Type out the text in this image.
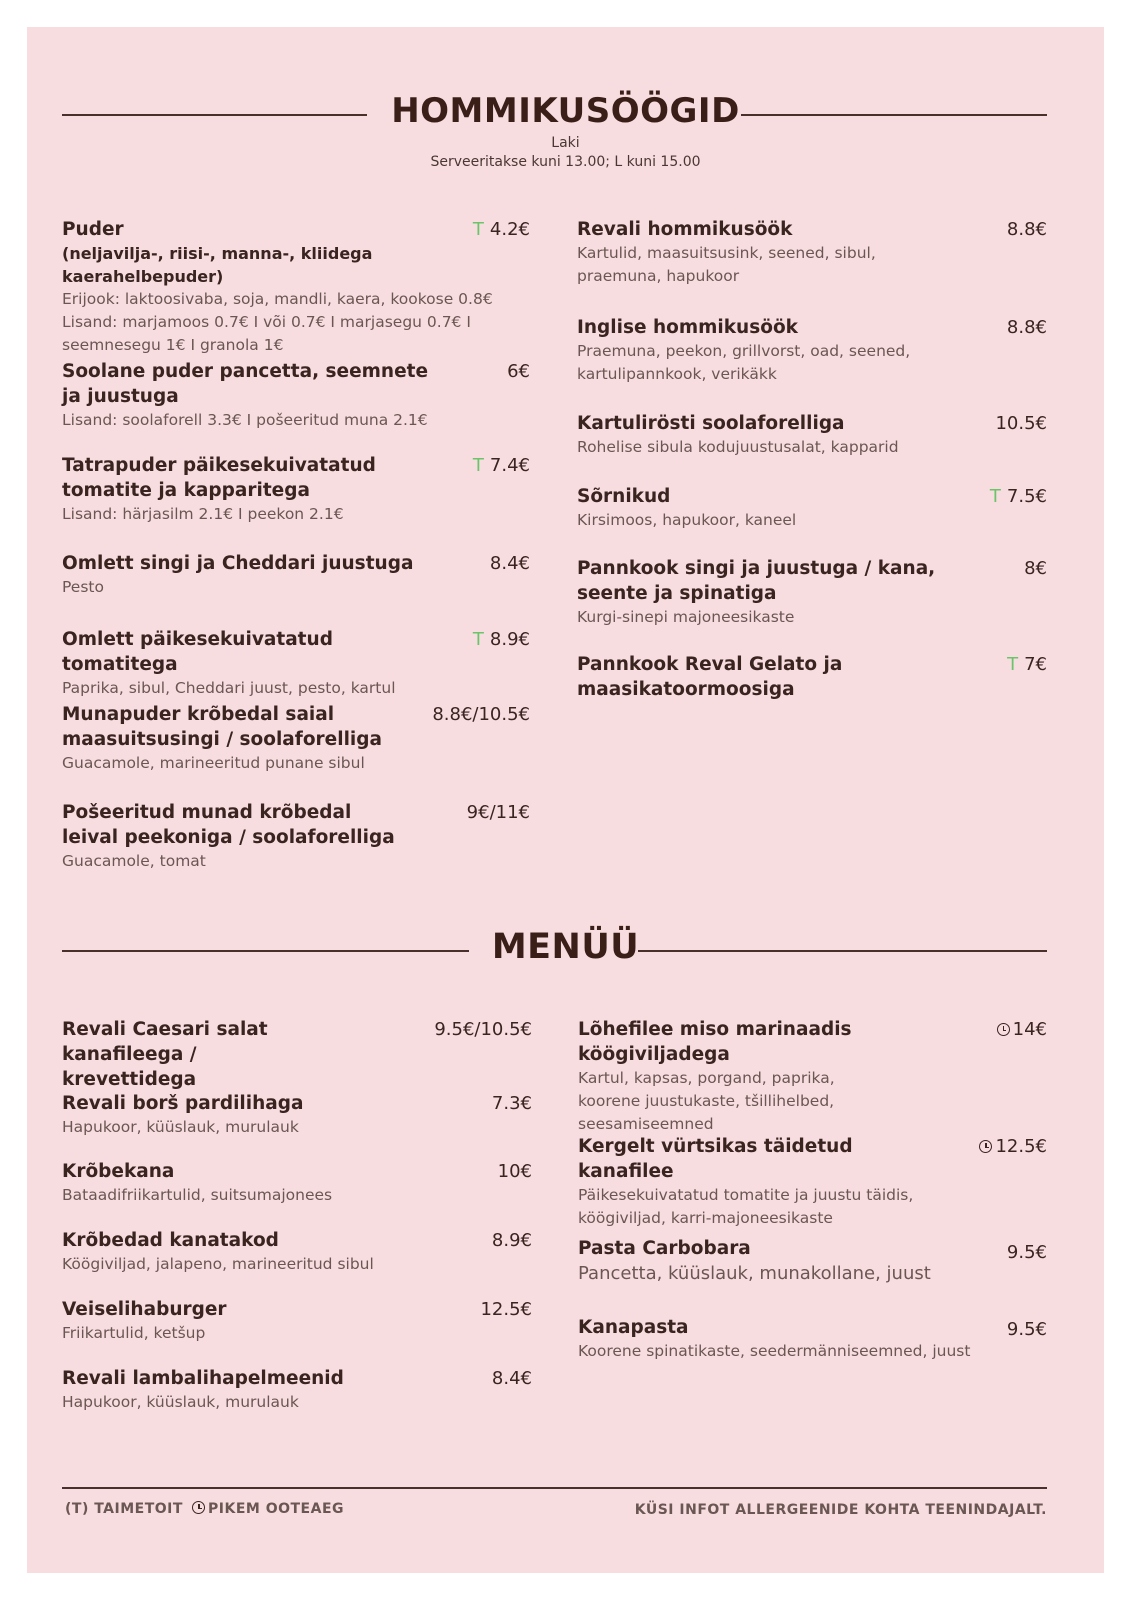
HOMMIKUSÖÖGID
Laki
Serveeritakse kuni 13.00; L kuni 15.00
Puder	T 4.2€
(neljavilja-, riisi-, manna-, kliidega kaerahelbepuder)
Erijook: laktoosivaba, soja, mandli, kaera, kookose 0.8€
Lisand: marjamoos 0.7€ I või 0.7€ I marjasegu 0.7€ I
seemnesegu 1€ I granola 1€
Soolane puder pancetta, seemnete ja juustuga
6€
Lisand: soolaforell 3.3€ I pošeeritud muna 2.1€
Tatrapuder päikesekuivatatud tomatite ja kapparitega
T 7.4€
Lisand: härjasilm 2.1€ I peekon 2.1€
Omlett singi ja Cheddari juustuga	8.4€
Pesto
Omlett päikesekuivatatud tomatitega
T 8.9€
Paprika, sibul, Cheddari juust, pesto, kartul
Munapuder krõbedal saial maasuitsusingi / soolaforelliga
8.8€/10.5€
Guacamole, marineeritud punane sibul
Pošeeritud munad krõbedal leival peekoniga / soolaforelliga
9€/11€
Guacamole, tomat
Revali hommikusöök	8.8€
Kartulid, maasuitsusink, seened, sibul,
praemuna, hapukoor
Inglise hommikusöök	8.8€
Praemuna, peekon, grillvorst, oad, seened,
kartulipannkook, verikäkk
Kartulirösti soolaforelliga	10.5€
Rohelise sibula kodujuustusalat, kapparid
Sõrnikud	T 7.5€
Kirsimoos, hapukoor, kaneel
Pannkook singi ja juustuga / kana, seente ja spinatiga
8€
Kurgi-sinepi majoneesikaste
Pannkook Reval Gelato ja maasikatoormoosiga
T 7€
MENÜÜ
Revali Caesari salat kanafileega / krevettidega
9.5€/10.5€
Revali borš pardilihaga	7.3€
Hapukoor, küüslauk, murulauk
Krõbekana	10€
Bataadifriikartulid, suitsumajonees
Krõbedad kanatakod	8.9€
Köögiviljad, jalapeno, marineeritud sibul
Veiselihaburger	12.5€
Friikartulid, ketšup
Revali lambalihapelmeenid	8.4€
Hapukoor, küüslauk, murulauk
Lõhefilee miso marinaadis köögiviljadega
14€
Kartul, kapsas, porgand, paprika,
koorene juustukaste, tšillihelbed,
seesamiseemned
Kergelt vürtsikas täidetud kanafilee
12.5€
Päikesekuivatatud tomatite ja juustu täidis,
köögiviljad, karri-majoneesikaste
Pasta Carbobara	9.5€
Pancetta, küüslauk, munakollane, juust
Kanapasta	9.5€
Koorene spinatikaste, seedermänniseemned, juust
(T) TAIMETOIT	PIKEM OOTEAEG	KÜSI INFOT ALLERGEENIDE KOHTA TEENINDAJALT.
